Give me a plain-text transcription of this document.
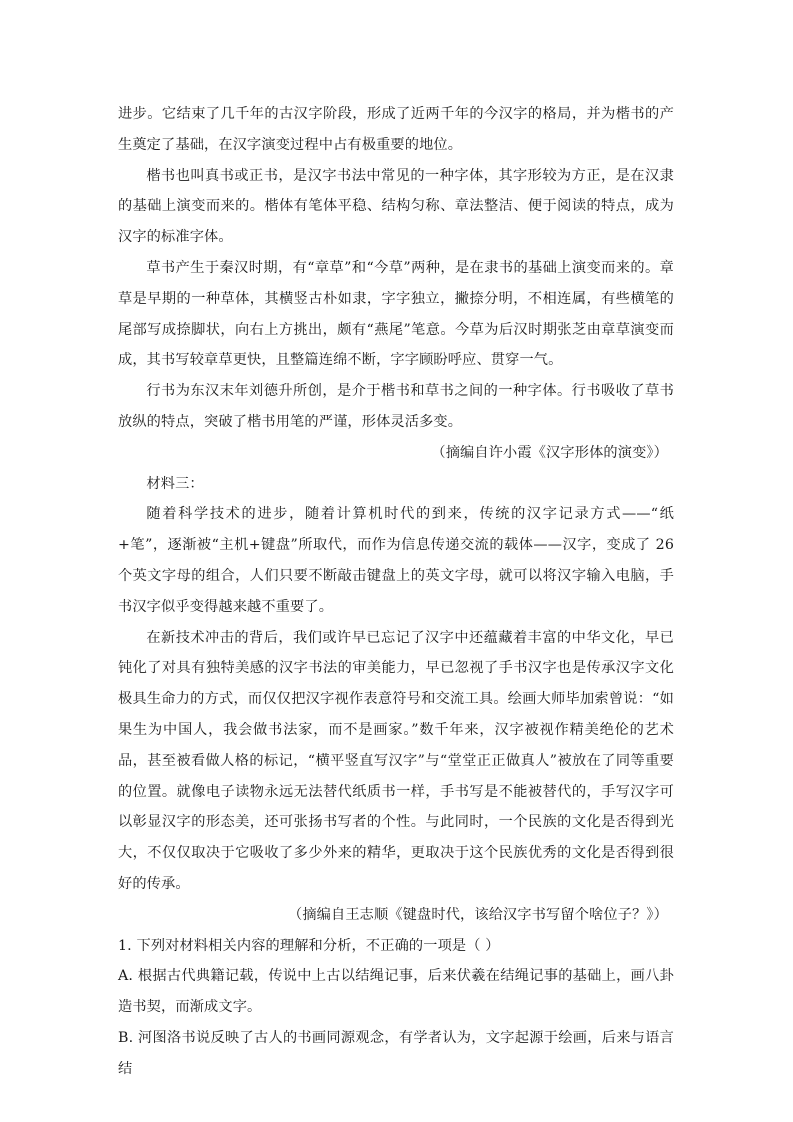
进步。它结束了几千年的古汉字阶段，形成了近两千年的今汉字的格局，并为楷书的产生奠定了基础，在汉字演变过程中占有极重要的地位。

楷书也叫真书或正书，是汉字书法中常见的一种字体，其字形较为方正，是在汉隶的基础上演变而来的。楷体有笔体平稳、结构匀称、章法整洁、便于阅读的特点，成为汉字的标准字体。

草书产生于秦汉时期，有“章草”和“今草”两种，是在隶书的基础上演变而来的。章草是早期的一种草体，其横竖古朴如隶，字字独立，撇捺分明，不相连属，有些横笔的尾部写成捺脚状，向右上方挑出，颇有“燕尾”笔意。今草为后汉时期张芝由章草演变而成，其书写较章草更快，且整篇连绵不断，字字顾盼呼应、贯穿一气。

行书为东汉末年刘德升所创，是介于楷书和草书之间的一种字体。行书吸收了草书放纵的特点，突破了楷书用笔的严谨，形体灵活多变。

（摘编自许小霞《汉字形体的演变》）

材料三：

随着科学技术的进步，随着计算机时代的到来，传统的汉字记录方式——“纸+笔”，逐渐被“主机+键盘”所取代，而作为信息传递交流的载体——汉字，变成了 26 个英文字母的组合，人们只要不断敲击键盘上的英文字母，就可以将汉字输入电脑，手书汉字似乎变得越来越不重要了。

在新技术冲击的背后，我们或许早已忘记了汉字中还蕴藏着丰富的中华文化，早已钝化了对具有独特美感的汉字书法的审美能力，早已忽视了手书汉字也是传承汉字文化极具生命力的方式，而仅仅把汉字视作表意符号和交流工具。绘画大师毕加索曾说：“如果生为中国人，我会做书法家，而不是画家。”数千年来，汉字被视作精美绝伦的艺术品，甚至被看做人格的标记，“横平竖直写汉字”与“堂堂正正做真人”被放在了同等重要的位置。就像电子读物永远无法替代纸质书一样，手书写是不能被替代的，手写汉字可以彰显汉字的形态美，还可张扬书写者的个性。与此同时，一个民族的文化是否得到光大，不仅仅取决于它吸收了多少外来的精华，更取决于这个民族优秀的文化是否得到很好的传承。

（摘编自王志顺《键盘时代，该给汉字书写留个啥位子？》）

1. 下列对材料相关内容的理解和分析，不正确的一项是（ ）

A. 根据古代典籍记载，传说中上古以结绳记事，后来伏羲在结绳记事的基础上，画八卦造书契，而渐成文字。

B. 河图洛书说反映了古人的书画同源观念，有学者认为，文字起源于绘画，后来与语言结
